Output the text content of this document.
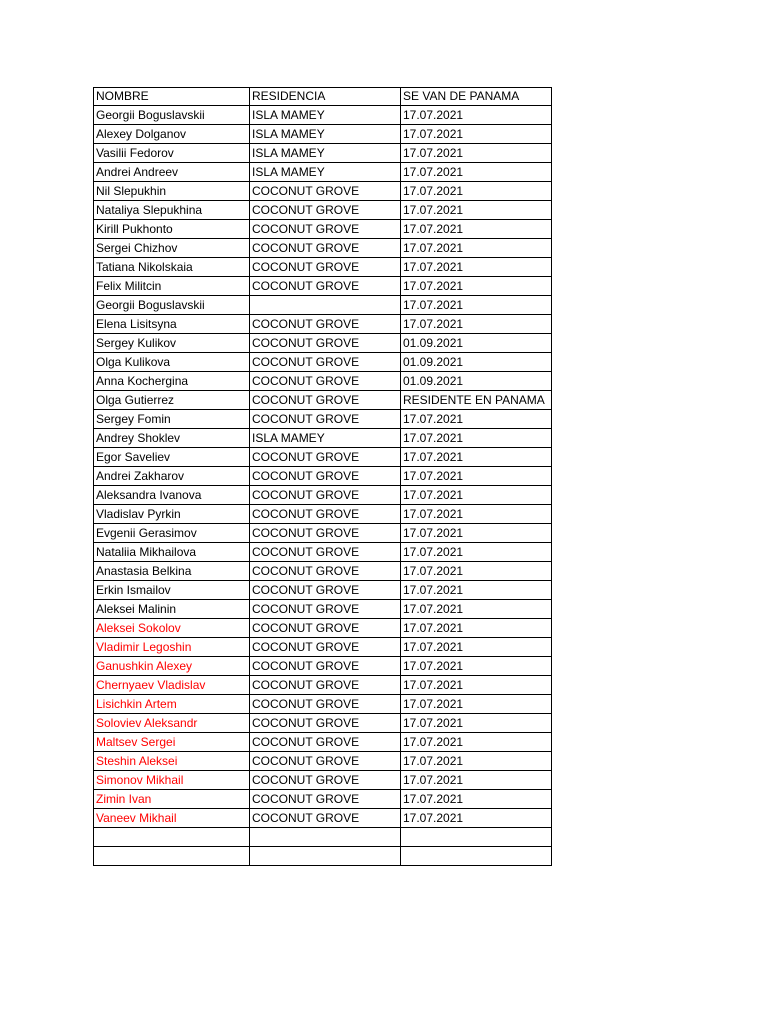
NOMBRE	RESIDENCIA	SE VAN DE PANAMA
Georgii Boguslavskii	ISLA MAMEY	17.07.2021
Alexey Dolganov	ISLA MAMEY	17.07.2021
Vasilii Fedorov	ISLA MAMEY	17.07.2021
Andrei Andreev	ISLA MAMEY	17.07.2021
Nil Slepukhin	COCONUT GROVE	17.07.2021
Nataliya Slepukhina	COCONUT GROVE	17.07.2021
Kirill Pukhonto	COCONUT GROVE	17.07.2021
Sergei Chizhov	COCONUT GROVE	17.07.2021
Tatiana Nikolskaia	COCONUT GROVE	17.07.2021
Felix Militcin	COCONUT GROVE	17.07.2021
Georgii Boguslavskii		17.07.2021
Elena Lisitsyna	COCONUT GROVE	17.07.2021
Sergey Kulikov	COCONUT GROVE	01.09.2021
Olga Kulikova	COCONUT GROVE	01.09.2021
Anna Kochergina	COCONUT GROVE	01.09.2021
Olga Gutierrez	COCONUT GROVE	RESIDENTE EN PANAMA
Sergey Fomin	COCONUT GROVE	17.07.2021
Andrey Shoklev	ISLA MAMEY	17.07.2021
Egor Saveliev	COCONUT GROVE	17.07.2021
Andrei Zakharov	COCONUT GROVE	17.07.2021
Aleksandra Ivanova	COCONUT GROVE	17.07.2021
Vladislav Pyrkin	COCONUT GROVE	17.07.2021
Evgenii Gerasimov	COCONUT GROVE	17.07.2021
Nataliia Mikhailova	COCONUT GROVE	17.07.2021
Anastasia Belkina	COCONUT GROVE	17.07.2021
Erkin Ismailov	COCONUT GROVE	17.07.2021
Aleksei Malinin	COCONUT GROVE	17.07.2021
Aleksei Sokolov	COCONUT GROVE	17.07.2021
Vladimir Legoshin	COCONUT GROVE	17.07.2021
Ganushkin Alexey	COCONUT GROVE	17.07.2021
Chernyaev Vladislav	COCONUT GROVE	17.07.2021
Lisichkin Artem	COCONUT GROVE	17.07.2021
Soloviev Aleksandr	COCONUT GROVE	17.07.2021
Maltsev Sergei	COCONUT GROVE	17.07.2021
Steshin Aleksei	COCONUT GROVE	17.07.2021
Simonov Mikhail	COCONUT GROVE	17.07.2021
Zimin Ivan	COCONUT GROVE	17.07.2021
Vaneev Mikhail	COCONUT GROVE	17.07.2021
